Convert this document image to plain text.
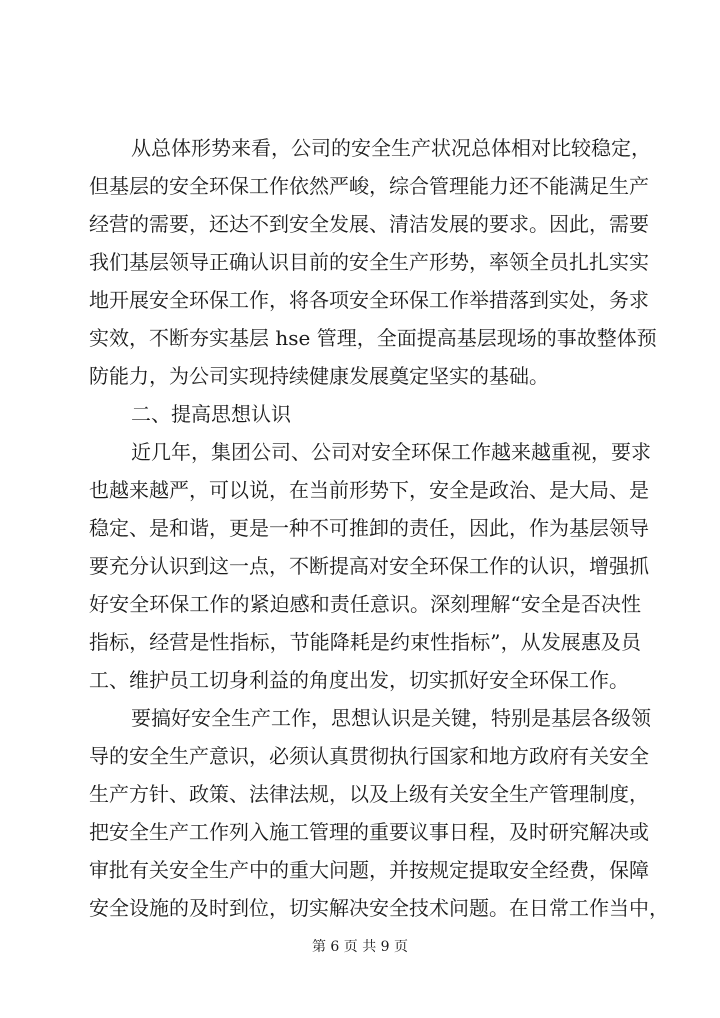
从总体形势来看，公司的安全生产状况总体相对比较稳定，
但基层的安全环保工作依然严峻，综合管理能力还不能满足生产
经营的需要，还达不到安全发展、清洁发展的要求。因此，需要
我们基层领导正确认识目前的安全生产形势，率领全员扎扎实实
地开展安全环保工作，将各项安全环保工作举措落到实处，务求
实效，不断夯实基层 hse 管理，全面提高基层现场的事故整体预
防能力，为公司实现持续健康发展奠定坚实的基础。
二、提高思想认识
近几年，集团公司、公司对安全环保工作越来越重视，要求
也越来越严，可以说，在当前形势下，安全是政治、是大局、是
稳定、是和谐，更是一种不可推卸的责任，因此，作为基层领导
要充分认识到这一点，不断提高对安全环保工作的认识，增强抓
好安全环保工作的紧迫感和责任意识。深刻理解“安全是否决性
指标，经营是性指标，节能降耗是约束性指标”，从发展惠及员
工、维护员工切身利益的角度出发，切实抓好安全环保工作。
要搞好安全生产工作，思想认识是关键，特别是基层各级领
导的安全生产意识，必须认真贯彻执行国家和地方政府有关安全
生产方针、政策、法律法规，以及上级有关安全生产管理制度，
把安全生产工作列入施工管理的重要议事日程，及时研究解决或
审批有关安全生产中的重大问题，并按规定提取安全经费，保障
安全设施的及时到位，切实解决安全技术问题。在日常工作当中，
第 6 页 共 9 页
